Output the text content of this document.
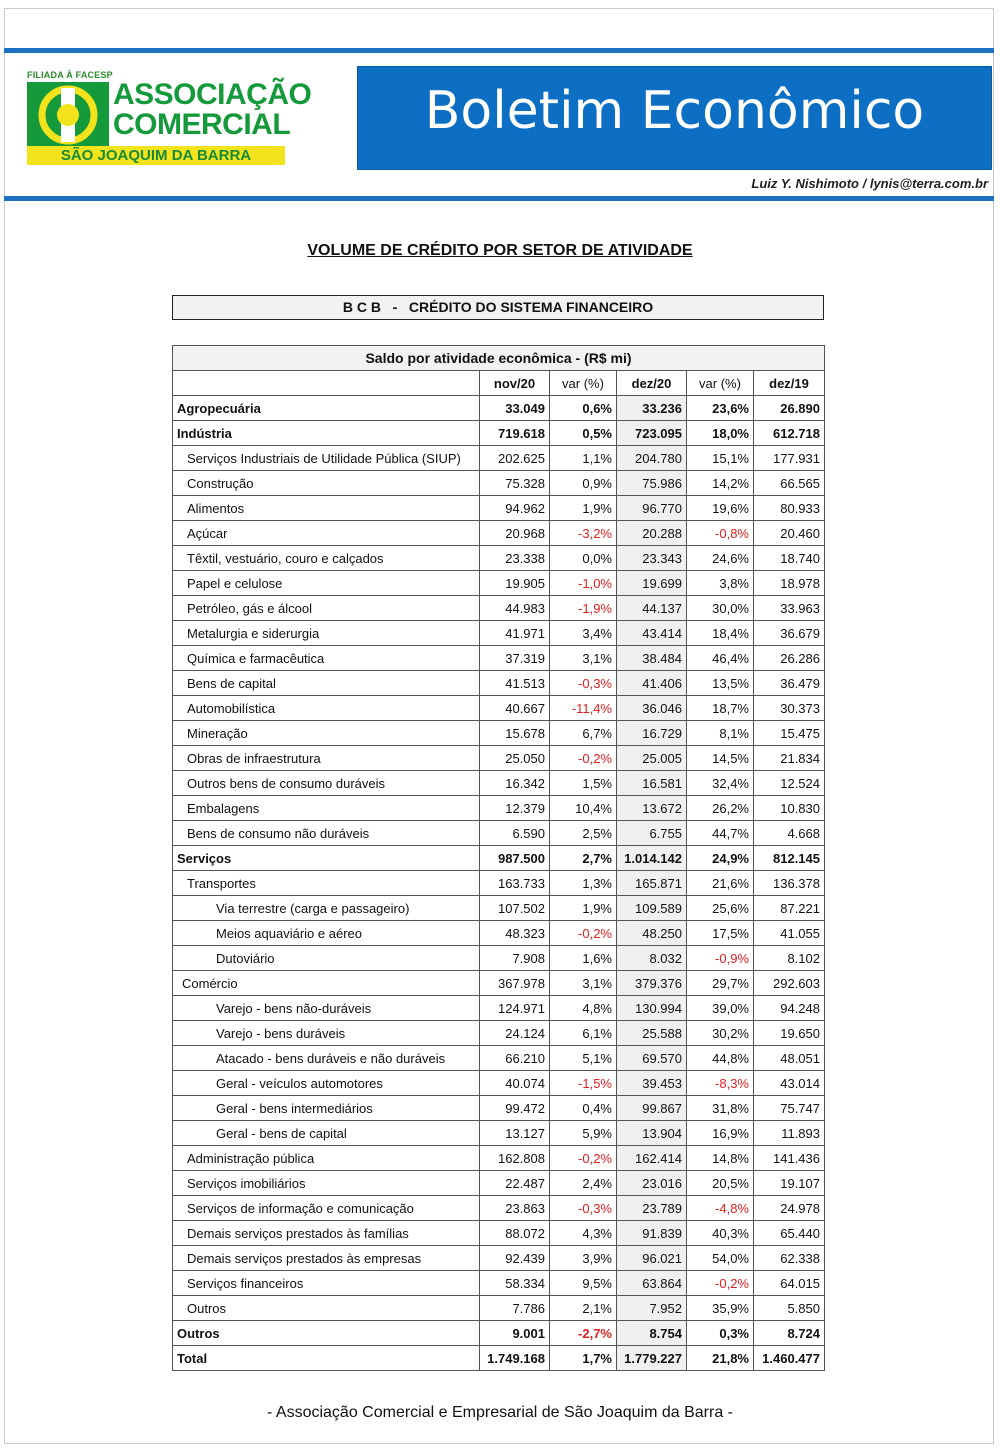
FILIADA À FACESP
ASSOCIAÇÃO
COMERCIAL
SÃO JOAQUIM DA BARRA
Boletim Econômico
Luiz Y. Nishimoto / lynis@terra.com.br
VOLUME DE CRÉDITO POR SETOR DE ATIVIDADE
B C B   -   CRÉDITO DO SISTEMA FINANCEIRO
Saldo por atividade econômica - (R$ mi)					
	nov/20	var (%)	dez/20	var (%)	dez/19
Agropecuária	33.049	0,6%	33.236	23,6%	26.890
Indústria	719.618	0,5%	723.095	18,0%	612.718
Serviços Industriais de Utilidade Pública (SIUP)	202.625	1,1%	204.780	15,1%	177.931
Construção	75.328	0,9%	75.986	14,2%	66.565
Alimentos	94.962	1,9%	96.770	19,6%	80.933
Açúcar	20.968	-3,2%	20.288	-0,8%	20.460
Têxtil, vestuário, couro e calçados	23.338	0,0%	23.343	24,6%	18.740
Papel e celulose	19.905	-1,0%	19.699	3,8%	18.978
Petróleo, gás e álcool	44.983	-1,9%	44.137	30,0%	33.963
Metalurgia e siderurgia	41.971	3,4%	43.414	18,4%	36.679
Química e farmacêutica	37.319	3,1%	38.484	46,4%	26.286
Bens de capital	41.513	-0,3%	41.406	13,5%	36.479
Automobilística	40.667	-11,4%	36.046	18,7%	30.373
Mineração	15.678	6,7%	16.729	8,1%	15.475
Obras de infraestrutura	25.050	-0,2%	25.005	14,5%	21.834
Outros bens de consumo duráveis	16.342	1,5%	16.581	32,4%	12.524
Embalagens	12.379	10,4%	13.672	26,2%	10.830
Bens de consumo não duráveis	6.590	2,5%	6.755	44,7%	4.668
Serviços	987.500	2,7%	1.014.142	24,9%	812.145
Transportes	163.733	1,3%	165.871	21,6%	136.378
Via terrestre (carga e passageiro)	107.502	1,9%	109.589	25,6%	87.221
Meios aquaviário e aéreo	48.323	-0,2%	48.250	17,5%	41.055
Dutoviário	7.908	1,6%	8.032	-0,9%	8.102
Comércio	367.978	3,1%	379.376	29,7%	292.603
Varejo - bens não-duráveis	124.971	4,8%	130.994	39,0%	94.248
Varejo - bens duráveis	24.124	6,1%	25.588	30,2%	19.650
Atacado - bens duráveis e não duráveis	66.210	5,1%	69.570	44,8%	48.051
Geral - veículos automotores	40.074	-1,5%	39.453	-8,3%	43.014
Geral - bens intermediários	99.472	0,4%	99.867	31,8%	75.747
Geral - bens de capital	13.127	5,9%	13.904	16,9%	11.893
Administração pública	162.808	-0,2%	162.414	14,8%	141.436
Serviços imobiliários	22.487	2,4%	23.016	20,5%	19.107
Serviços de informação e comunicação	23.863	-0,3%	23.789	-4,8%	24.978
Demais serviços prestados às famílias	88.072	4,3%	91.839	40,3%	65.440
Demais serviços prestados às empresas	92.439	3,9%	96.021	54,0%	62.338
Serviços financeiros	58.334	9,5%	63.864	-0,2%	64.015
Outros	7.786	2,1%	7.952	35,9%	5.850
Outros	9.001	-2,7%	8.754	0,3%	8.724
Total	1.749.168	1,7%	1.779.227	21,8%	1.460.477
- Associação Comercial e Empresarial de São Joaquim da Barra -
